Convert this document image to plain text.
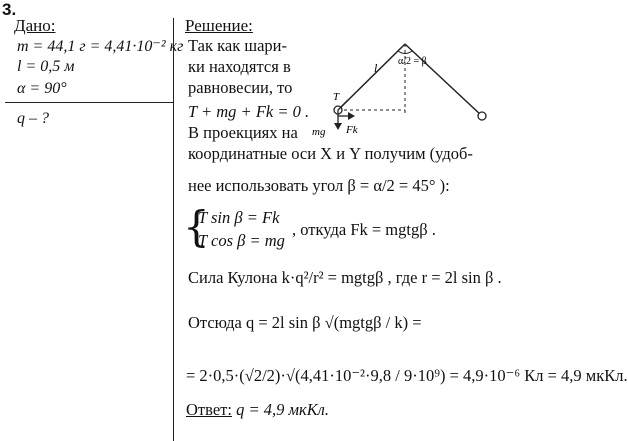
3.
Дано:
m = 44,1 г = 4,41·10⁻² кг
l = 0,5 м
α = 90°
q – ?
Решение:
Так как шари-
ки находятся в
равновесии, то
T + mg + Fk = 0 .
В проекциях на
координатные оси X и Y получим (удоб-
нее использовать угол β = α/2 = 45° ):
{
T sin β = Fk
T cos β = mg
, откуда Fk = mgtgβ .
Сила Кулона k·q²/r² = mgtgβ , где r = 2l sin β .
Отсюда q = 2l sin β √(mgtgβ / k) =
= 2·0,5·(√2/2)·√(4,41·10⁻²·9,8 / 9·10⁹) = 4,9·10⁻⁶ Кл = 4,9 мкКл.
Ответ: q = 4,9 мкКл.
l α/2 = β
T
mg Fk
